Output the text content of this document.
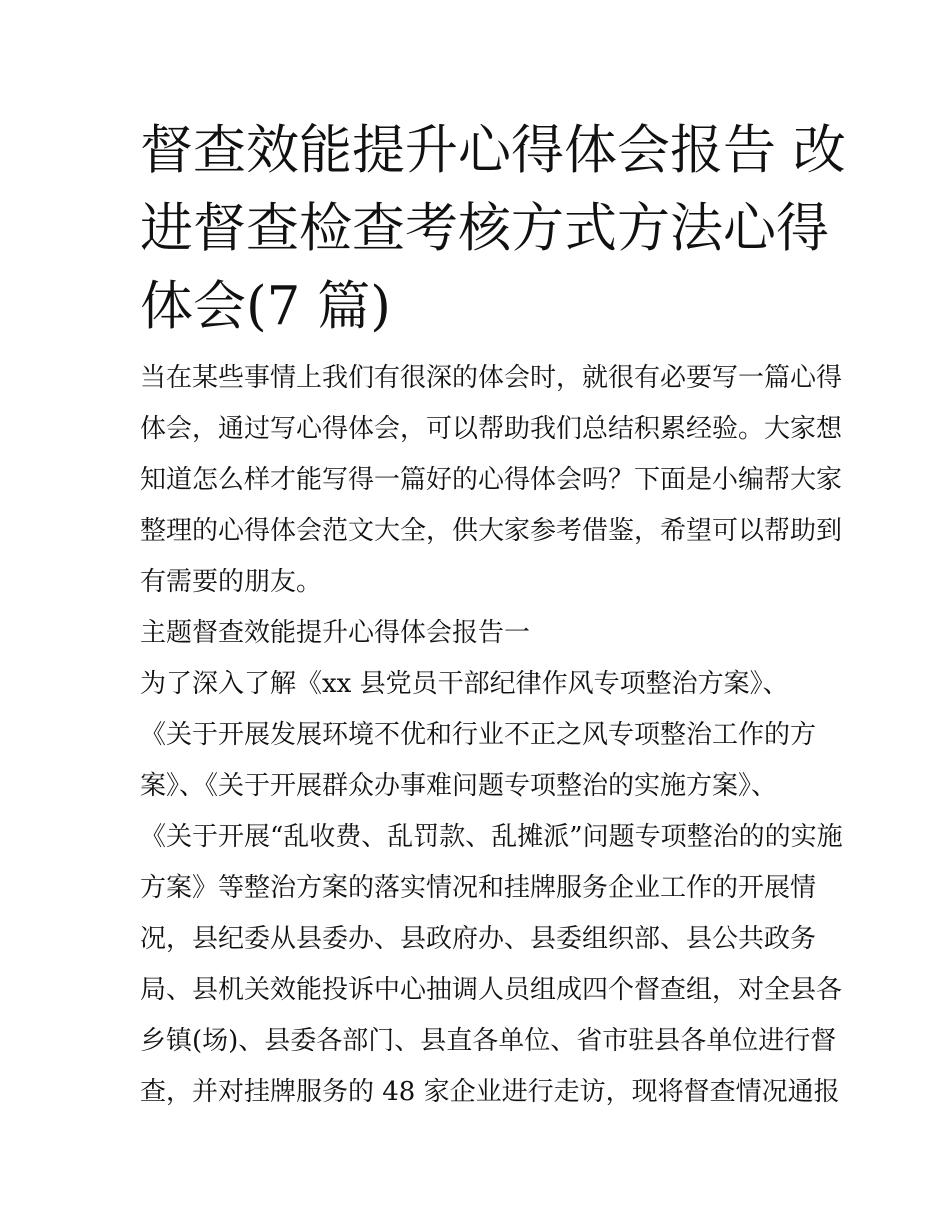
督查效能提升心得体会报告 改
进督查检查考核方式方法心得
体会(7 篇)
当在某些事情上我们有很深的体会时，就很有必要写一篇心得
体会，通过写心得体会，可以帮助我们总结积累经验。大家想
知道怎么样才能写得一篇好的心得体会吗？下面是小编帮大家
整理的心得体会范文大全，供大家参考借鉴，希望可以帮助到
有需要的朋友。
主题督查效能提升心得体会报告一
为了深入了解《xx 县党员干部纪律作风专项整治方案》、
《关于开展发展环境不优和行业不正之风专项整治工作的方
案》、《关于开展群众办事难问题专项整治的实施方案》、
《关于开展“乱收费、乱罚款、乱摊派”问题专项整治的的实施
方案》等整治方案的落实情况和挂牌服务企业工作的开展情
况，县纪委从县委办、县政府办、县委组织部、县公共政务
局、县机关效能投诉中心抽调人员组成四个督查组，对全县各
乡镇(场)、县委各部门、县直各单位、省市驻县各单位进行督
查，并对挂牌服务的 48 家企业进行走访，现将督查情况通报
